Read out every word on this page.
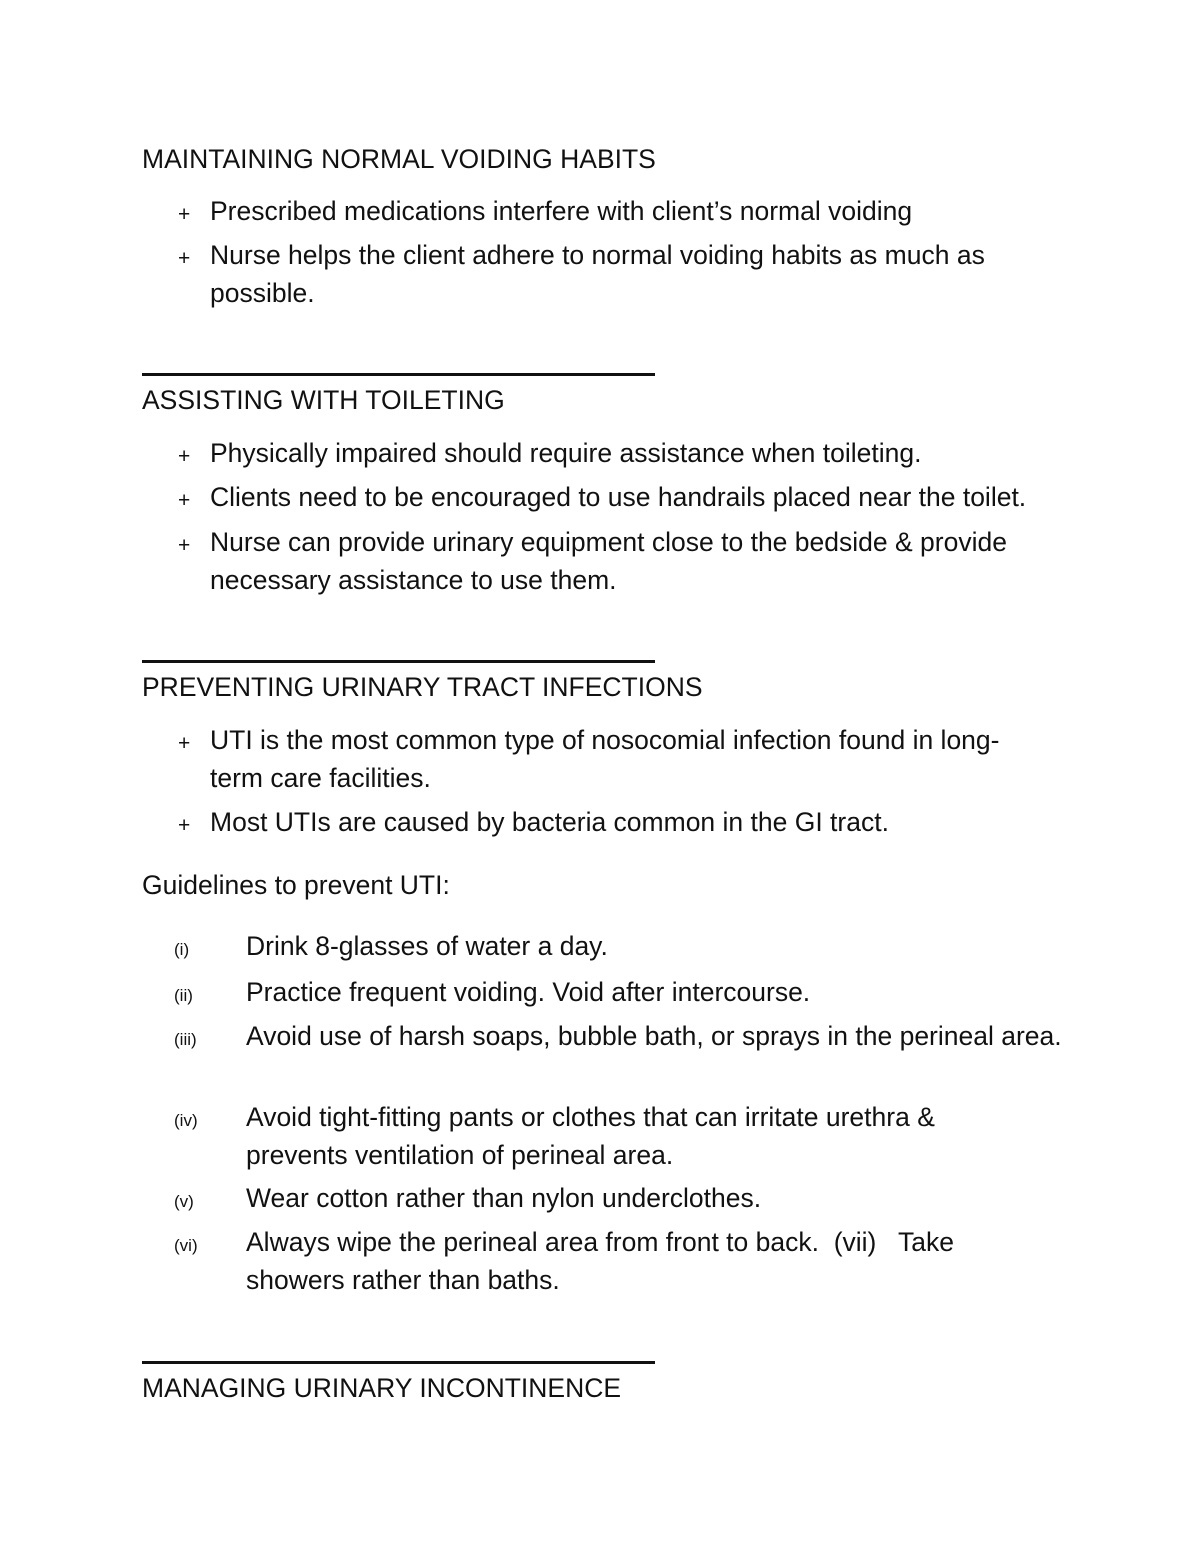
MAINTAINING NORMAL VOIDING HABITS
+ Prescribed medications interfere with client’s normal voiding
+ Nurse helps the client adhere to normal voiding habits as much as possible.
ASSISTING WITH TOILETING
+ Physically impaired should require assistance when toileting.
+ Clients need to be encouraged to use handrails placed near the toilet.
+ Nurse can provide urinary equipment close to the bedside & provide necessary assistance to use them.
PREVENTING URINARY TRACT INFECTIONS
+ UTI is the most common type of nosocomial infection found in long-term care facilities.
+ Most UTIs are caused by bacteria common in the GI tract.
Guidelines to prevent UTI:
(i) Drink 8-glasses of water a day.
(ii) Practice frequent voiding. Void after intercourse.
(iii) Avoid use of harsh soaps, bubble bath, or sprays in the perineal area.
(iv) Avoid tight-fitting pants or clothes that can irritate urethra & prevents ventilation of perineal area.
(v) Wear cotton rather than nylon underclothes.
(vi) Always wipe the perineal area from front to back.  (vii)   Take showers rather than baths.
MANAGING URINARY INCONTINENCE
